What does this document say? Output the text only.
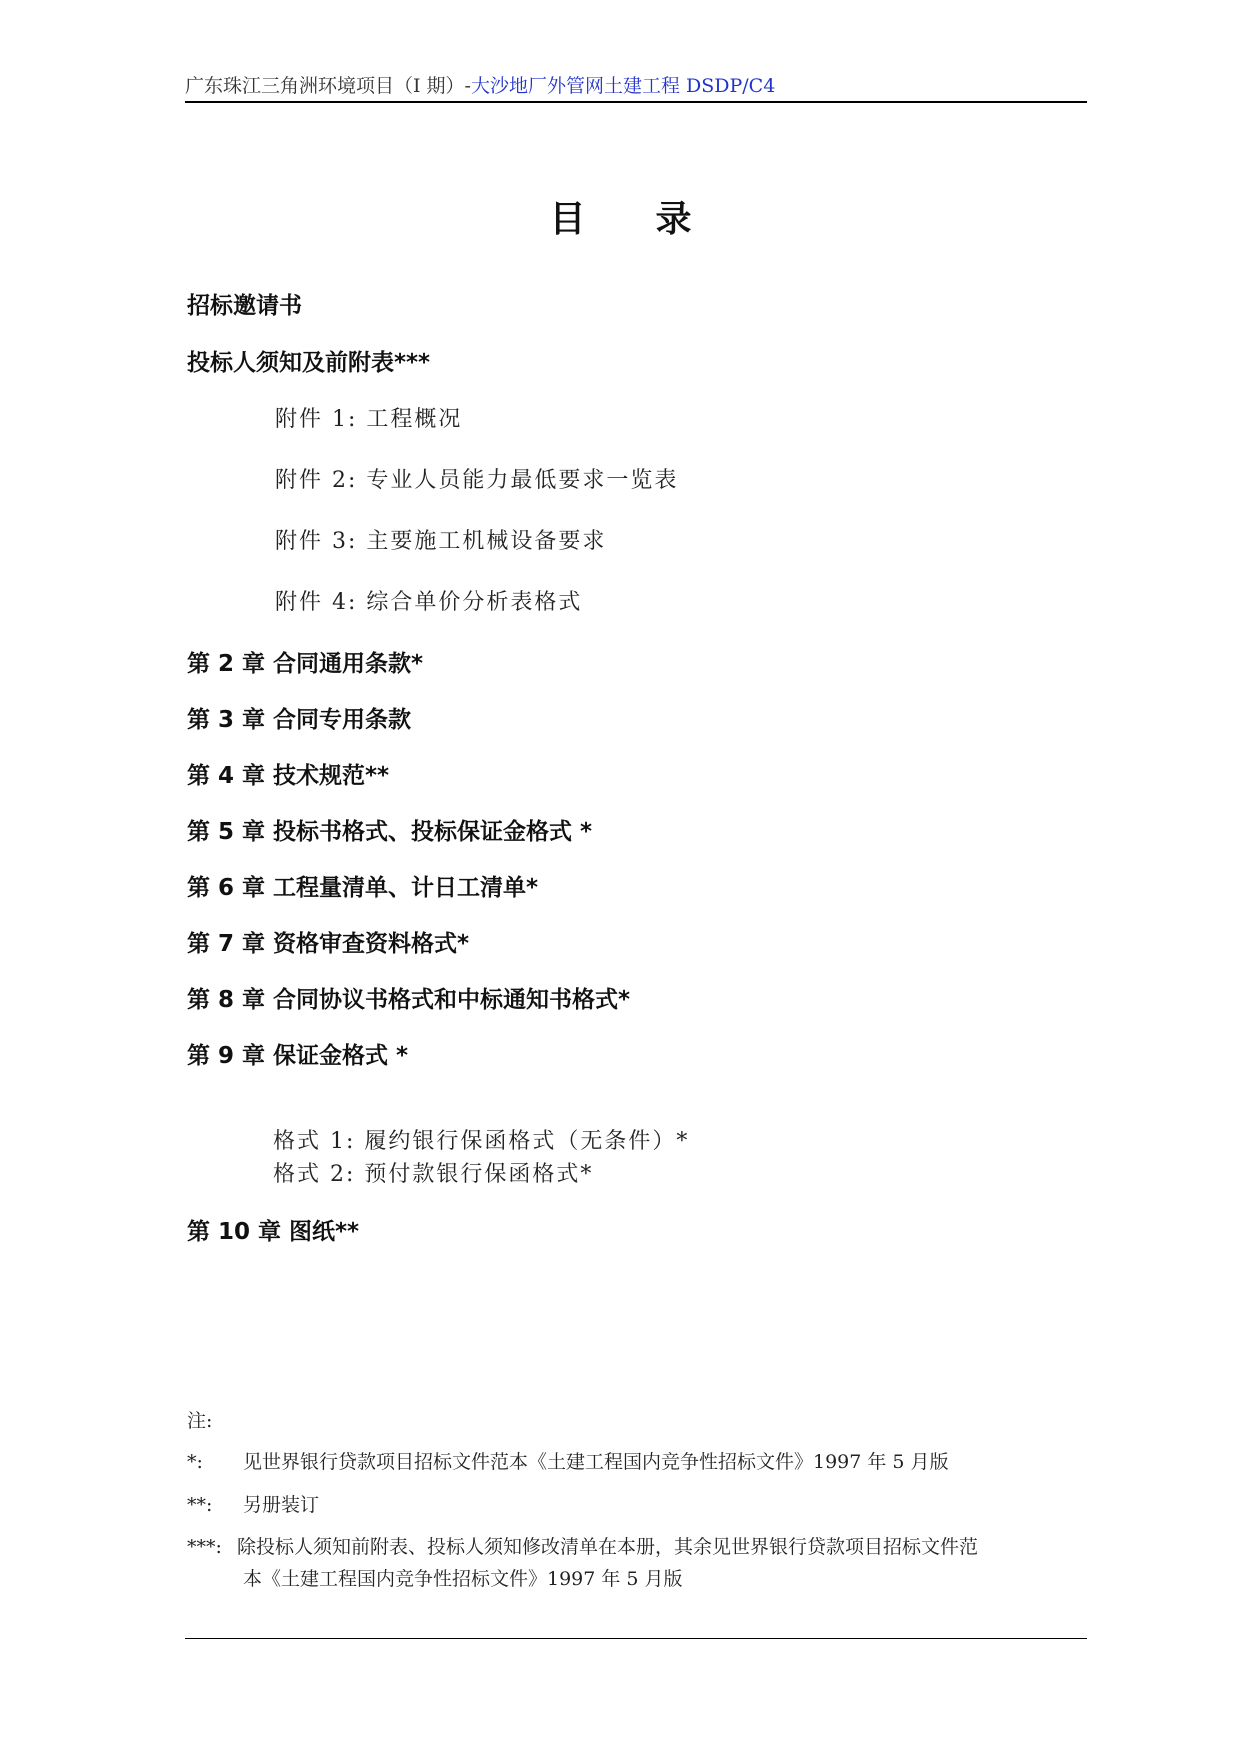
广东珠江三角洲环境项目（I 期）-大沙地厂外管网土建工程 DSDP/C4
目 录
招标邀请书
投标人须知及前附表***
附件 1: 工程概况
附件 2: 专业人员能力最低要求一览表
附件 3: 主要施工机械设备要求
附件 4: 综合单价分析表格式
第 2 章 合同通用条款*
第 3 章 合同专用条款
第 4 章 技术规范**
第 5 章 投标书格式、投标保证金格式 *
第 6 章 工程量清单、计日工清单*
第 7 章 资格审查资料格式*
第 8 章 合同协议书格式和中标通知书格式*
第 9 章 保证金格式 *
格式 1: 履约银行保函格式（无条件）*
格式 2: 预付款银行保函格式*
第 10 章 图纸**
注:
*: 见世界银行贷款项目招标文件范本《土建工程国内竞争性招标文件》1997 年 5 月版
**: 另册装订
***: 除投标人须知前附表、投标人须知修改清单在本册，其余见世界银行贷款项目招标文件范
本《土建工程国内竞争性招标文件》1997 年 5 月版
